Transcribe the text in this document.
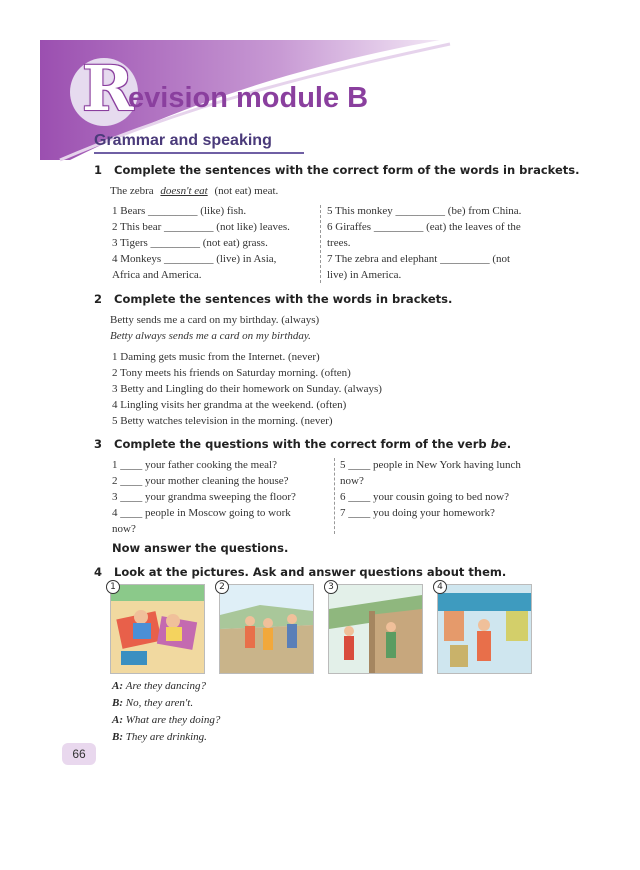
R
evision module B
Grammar and speaking
1 Complete the sentences with the correct form of the words in brackets.
The zebra doesn't eat (not eat) meat.
1 Bears _________ (like) fish.
2 This bear _________ (not like) leaves.
3 Tigers _________ (not eat) grass.
4 Monkeys _________ (live) in Asia,
Africa and America.
5 This monkey _________ (be) from China.
6 Giraffes _________ (eat) the leaves of the
trees.
7 The zebra and elephant _________ (not
live) in America.
2 Complete the sentences with the words in brackets.
Betty sends me a card on my birthday. (always)
Betty always sends me a card on my birthday.
1 Daming gets music from the Internet. (never)
2 Tony meets his friends on Saturday morning. (often)
3 Betty and Lingling do their homework on Sunday. (always)
4 Lingling visits her grandma at the weekend. (often)
5 Betty watches television in the morning. (never)
3 Complete the questions with the correct form of the verb be.
1 ____ your father cooking the meal?
2 ____ your mother cleaning the house?
3 ____ your grandma sweeping the floor?
4 ____ people in Moscow going to work
now?
5 ____ people in New York having lunch
now?
6 ____ your cousin going to bed now?
7 ____ you doing your homework?
Now answer the questions.
4 Look at the pictures. Ask and answer questions about them.
1	2	3	4
A: Are they dancing?
B: No, they aren't.
A: What are they doing?
B: They are drinking.
66
